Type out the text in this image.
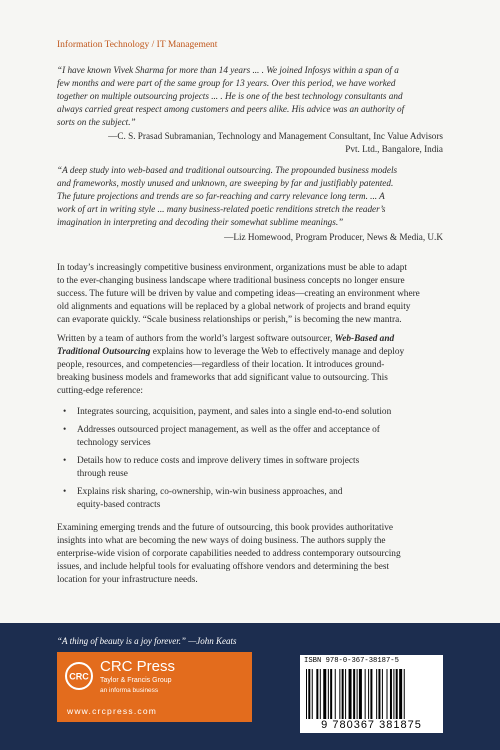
Information Technology / IT Management
“I have known Vivek Sharma for more than 14 years ... . We joined Infosys within a span of a
few months and were part of the same group for 13 years. Over this period, we have worked
together on multiple outsourcing projects ... . He is one of the best technology consultants and
always carried great respect among customers and peers alike. His advice was an authority of
sorts on the subject.”
—C. S. Prasad Subramanian, Technology and Management Consultant, Inc Value Advisors
Pvt. Ltd., Bangalore, India
“A deep study into web-based and traditional outsourcing. The propounded business models
and frameworks, mostly unused and unknown, are sweeping by far and justifiably patented.
The future projections and trends are so far-reaching and carry relevance long term. ... A
work of art in writing style ... many business-related poetic renditions stretch the reader’s
imagination in interpreting and decoding their somewhat sublime meanings.”
—Liz Homewood, Program Producer, News & Media, U.K
In today’s increasingly competitive business environment, organizations must be able to adapt
to the ever-changing business landscape where traditional business concepts no longer ensure
success. The future will be driven by value and competing ideas—creating an environment where
old alignments and equations will be replaced by a global network of projects and brand equity
can evaporate quickly. “Scale business relationships or perish,” is becoming the new mantra.
Written by a team of authors from the world’s largest software outsourcer, Web-Based and
Traditional Outsourcing explains how to leverage the Web to effectively manage and deploy
people, resources, and competencies—regardless of their location. It introduces ground-
breaking business models and frameworks that add significant value to outsourcing. This
cutting-edge reference:
• Integrates sourcing, acquisition, payment, and sales into a single end-to-end solution
• Addresses outsourced project management, as well as the offer and acceptance of
technology services
• Details how to reduce costs and improve delivery times in software projects
through reuse
• Explains risk sharing, co-ownership, win-win business approaches, and
equity-based contracts
Examining emerging trends and the future of outsourcing, this book provides authoritative
insights into what are becoming the new ways of doing business. The authors supply the
enterprise-wide vision of corporate capabilities needed to address contemporary outsourcing
issues, and include helpful tools for evaluating offshore vendors and determining the best
location for your infrastructure needs.
“A thing of beauty is a joy forever.” —John Keats
CRC
CRC Press
Taylor & Francis Group
an informa business
www.crcpress.com
ISBN 978-0-367-38187-5
9 780367 381875
